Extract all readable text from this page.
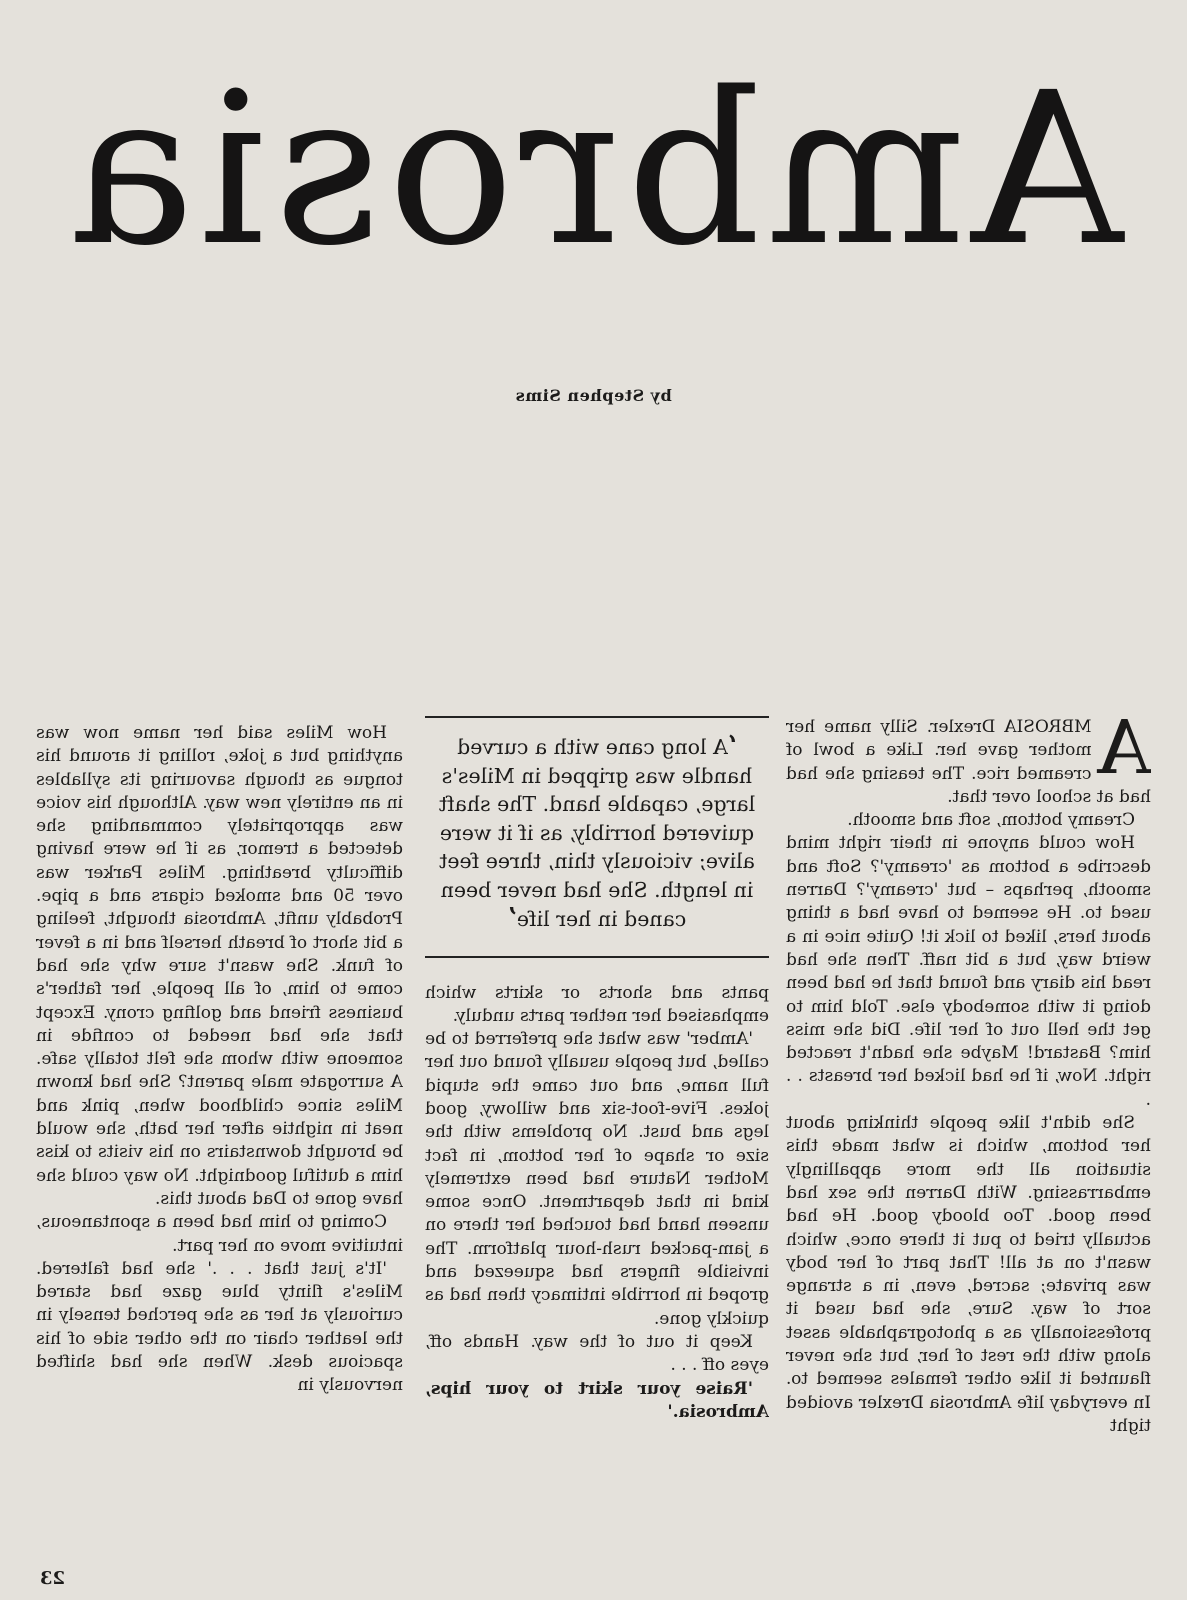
Ambrosia

by Stephen Sims

A
MBROSIA Drexler. Silly name her mother gave her. Like a bowl of creamed rice. The teasing she had had at school over that.

Creamy bottom, soft and smooth.

How could anyone in their right mind describe a bottom as 'creamy'? Soft and smooth, perhaps – but 'creamy'? Darren used to. He seemed to have had a thing about hers, liked to lick it! Quite nice in a weird way, but a bit naff. Then she had read his diary and found that he had been doing it with somebody else. Told him to get the hell out of her life. Did she miss him? Bastard! Maybe she hadn't reacted right. Now, if he had licked her breasts . . .

She didn't like people thinking about her bottom, which is what made this situation all the more appallingly embarrassing. With Darren the sex had been good. Too bloody good. He had actually tried to put it there once, which wasn't on at all! That part of her body was private; sacred, even, in a strange sort of way. Sure, she had used it professionally as a photographable asset along with the rest of her, but she never flaunted it like other females seemed to. In everyday life Ambrosia Drexler avoided tight

‘A long cane with a curved handle was gripped in Miles's large, capable hand. The shaft quivered horribly, as if it were alive; viciously thin, three feet in length. She had never been caned in her life’

pants and shorts or skirts which emphasised her nether parts unduly.

'Amber' was what she preferred to be called, but people usually found out her full name, and out came the stupid jokes. Five-foot-six and willowy, good legs and bust. No problems with the size or shape of her bottom, in fact Mother Nature had been extremely kind in that department. Once some unseen hand had touched her there on a jam-packed rush-hour platform. The invisible fingers had squeezed and groped in horrible intimacy then had as quickly gone.

Keep it out of the way. Hands off, eyes off . . .

'Raise your skirt to your hips, Ambrosia.'

How Miles said her name now was anything but a joke, rolling it around his tongue as though savouring its syllables in an entirely new way. Although his voice was appropriately commanding she detected a tremor, as if he were having difficulty breathing. Miles Parker was over 50 and smoked cigars and a pipe. Probably unfit, Ambrosia thought, feeling a bit short of breath herself and in a fever of funk. She wasn't sure why she had come to him, of all people, her father's business friend and golfing crony. Except that she had needed to confide in someone with whom she felt totally safe. A surrogate male parent? She had known Miles since childhood when, pink and neat in nightie after her bath, she would be brought downstairs on his visits to kiss him a dutiful goodnight. No way could she have gone to Dad about this.

Coming to him had been a spontaneous, intuitive move on her part.

'It's just that . . .' she had faltered. Miles's flinty blue gaze had stared curiously at her as she perched tensely in the leather chair on the other side of his spacious desk. When she had shifted nervously in

23
